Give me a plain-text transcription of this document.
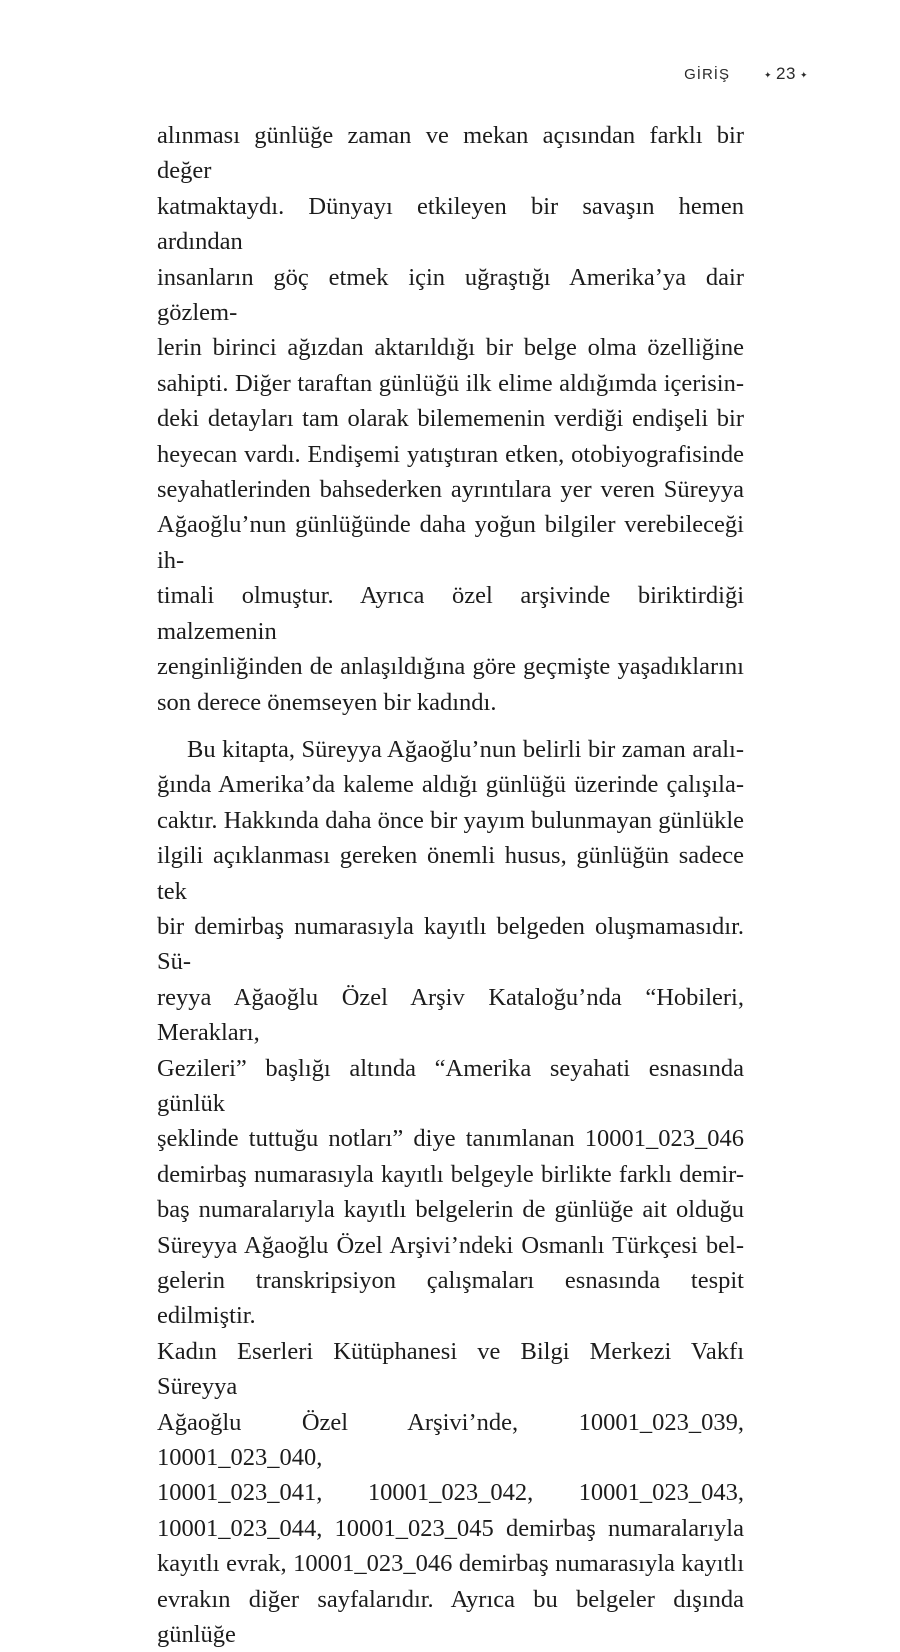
GİRİŞ	✦ 23 ✦

alınması günlüğe zaman ve mekan açısından farklı bir değer

katmaktaydı. Dünyayı etkileyen bir savaşın hemen ardından

insanların göç etmek için uğraştığı Amerika’ya dair gözlem-

lerin birinci ağızdan aktarıldığı bir belge olma özelliğine

sahipti. Diğer taraftan günlüğü ilk elime aldığımda içerisin-

deki detayları tam olarak bilememenin verdiği endişeli bir

heyecan vardı. Endişemi yatıştıran etken, otobiyografisinde

seyahatlerinden bahsederken ayrıntılara yer veren Süreyya

Ağaoğlu’nun günlüğünde daha yoğun bilgiler verebileceği ih-

timali olmuştur. Ayrıca özel arşivinde biriktirdiği malzemenin

zenginliğinden de anlaşıldığına göre geçmişte yaşadıklarını

son derece önemseyen bir kadındı.

Bu kitapta, Süreyya Ağaoğlu’nun belirli bir zaman aralı-

ğında Amerika’da kaleme aldığı günlüğü üzerinde çalışıla-

caktır. Hakkında daha önce bir yayım bulunmayan günlükle

ilgili açıklanması gereken önemli husus, günlüğün sadece tek

bir demirbaş numarasıyla kayıtlı belgeden oluşmamasıdır. Sü-

reyya Ağaoğlu Özel Arşiv Kataloğu’nda “Hobileri, Merakları,

Gezileri” başlığı altında “Amerika seyahati esnasında günlük

şeklinde tuttuğu notları” diye tanımlanan 10001_023_046

demirbaş numarasıyla kayıtlı belgeyle birlikte farklı demir-

baş numaralarıyla kayıtlı belgelerin de günlüğe ait olduğu

Süreyya Ağaoğlu Özel Arşivi’ndeki Osmanlı Türkçesi bel-

gelerin transkripsiyon çalışmaları esnasında tespit edilmiştir.

Kadın Eserleri Kütüphanesi ve Bilgi Merkezi Vakfı Süreyya

Ağaoğlu Özel Arşivi’nde, 10001_023_039, 10001_023_040,

10001_023_041, 10001_023_042, 10001_023_043,

10001_023_044, 10001_023_045 demirbaş numaralarıyla

kayıtlı evrak, 10001_023_046 demirbaş numarasıyla kayıtlı

evrakın diğer sayfalarıdır. Ayrıca bu belgeler dışında günlüğe
